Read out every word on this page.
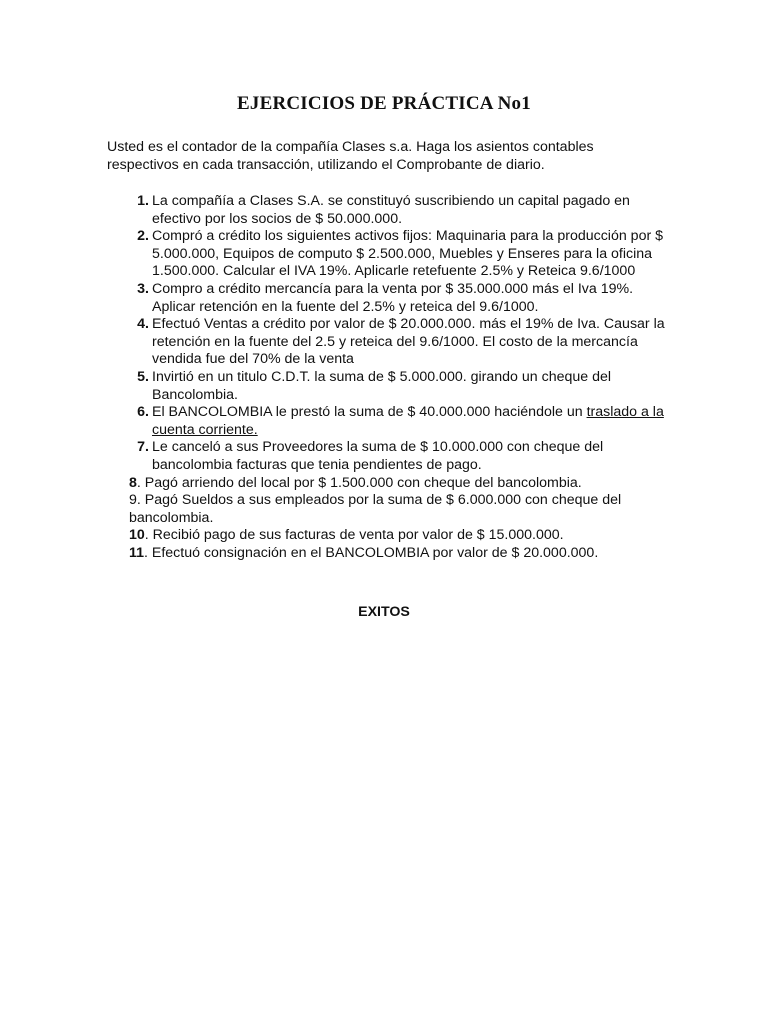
EJERCICIOS DE PRÁCTICA No1

Usted es el contador de la compañía Clases s.a. Haga los asientos contables respectivos en cada transacción, utilizando el Comprobante de diario.

1. La compañía a Clases S.A. se constituyó suscribiendo un capital pagado en efectivo por los socios de $ 50.000.000.
2. Compró a crédito los siguientes activos fijos: Maquinaria para la producción por $ 5.000.000, Equipos de computo $ 2.500.000, Muebles y Enseres para la oficina 1.500.000. Calcular el IVA 19%. Aplicarle retefuente 2.5% y Reteica 9.6/1000
3. Compro a crédito mercancía para la venta por $ 35.000.000 más el Iva 19%. Aplicar retención en la fuente del 2.5% y reteica del 9.6/1000.
4. Efectuó Ventas a crédito por valor de $ 20.000.000. más el 19% de Iva. Causar la retención en la fuente del 2.5 y reteica del 9.6/1000. El costo de la mercancía vendida fue del 70% de la venta
5. Invirtió en un titulo C.D.T. la suma de $ 5.000.000. girando un cheque del Bancolombia.
6. El BANCOLOMBIA le prestó la suma de $ 40.000.000 haciéndole un traslado a la cuenta corriente.
7. Le canceló a sus Proveedores la suma de $ 10.000.000 con cheque del bancolombia facturas que tenia pendientes de pago.
8. Pagó arriendo del local por $ 1.500.000 con cheque del bancolombia.
9. Pagó Sueldos a sus empleados por la suma de $ 6.000.000 con cheque del bancolombia.
10. Recibió pago de sus facturas de venta por valor de $ 15.000.000.
11. Efectuó consignación en el BANCOLOMBIA por valor de $ 20.000.000.

EXITOS
